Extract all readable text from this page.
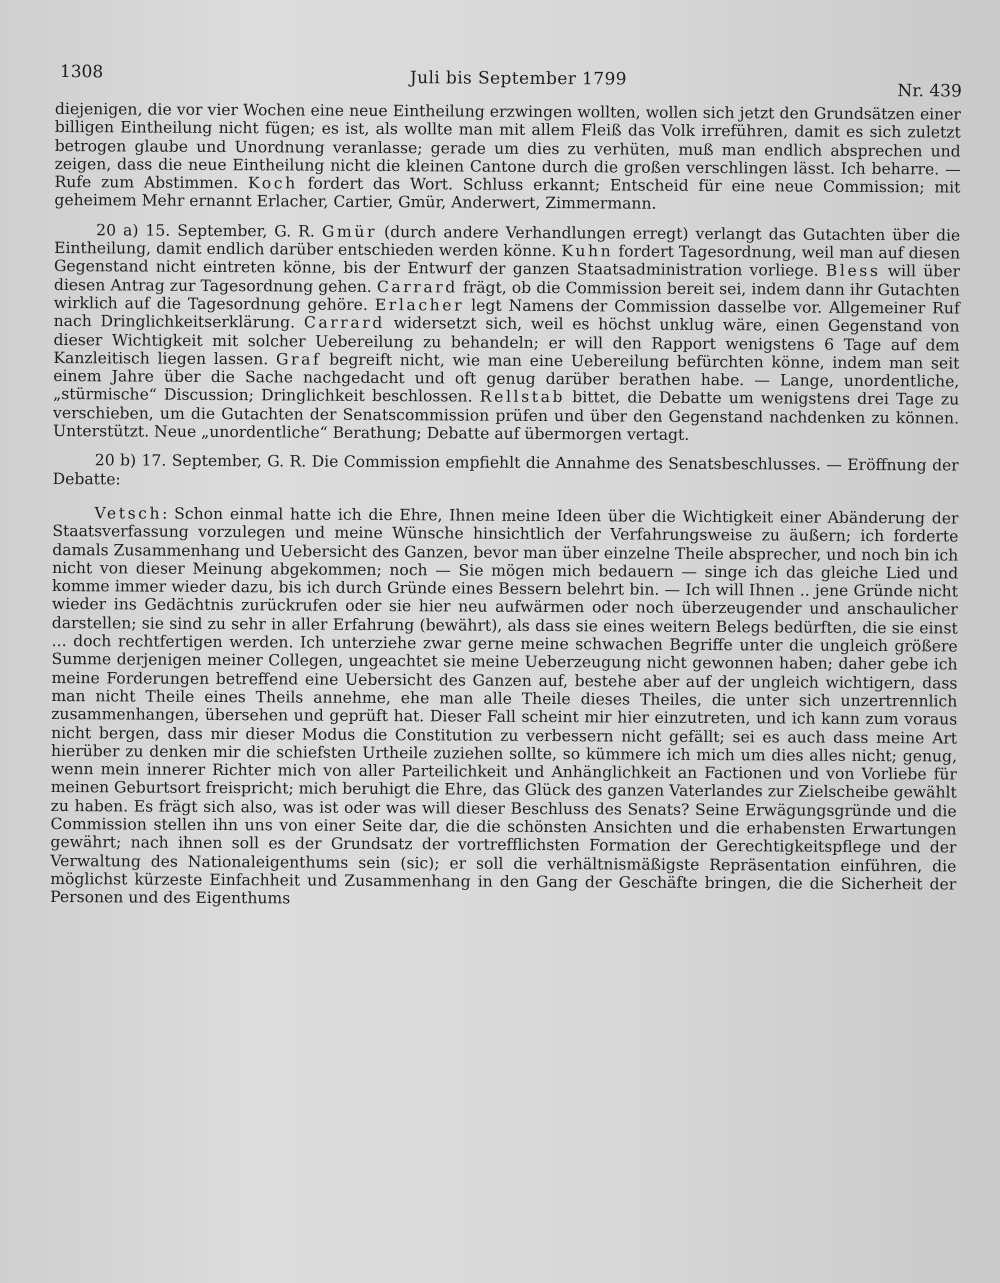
1308	Juli bis September 1799
Nr. 439

diejenigen, die vor vier Wochen eine neue Eintheilung erzwingen wollten, wollen sich jetzt den Grundsätzen einer billigen Eintheilung nicht fügen; es ist, als wollte man mit allem Fleiß das Volk irreführen, damit es sich zuletzt betrogen glaube und Unordnung veranlasse; gerade um dies zu verhüten, muß man endlich absprechen und zeigen, dass die neue Eintheilung nicht die kleinen Cantone durch die großen verschlingen lässt. Ich beharre. — Rufe zum Abstimmen. Koch fordert das Wort. Schluss erkannt; Entscheid für eine neue Commission; mit geheimem Mehr ernannt Erlacher, Cartier, Gmür, Anderwert, Zimmermann.

20 a) 15. September, G. R. Gmür (durch andere Verhandlungen erregt) verlangt das Gutachten über die Eintheilung, damit endlich darüber entschieden werden könne. Kuhn fordert Tagesordnung, weil man auf diesen Gegenstand nicht eintreten könne, bis der Entwurf der ganzen Staatsadministration vorliege. Bless will über diesen Antrag zur Tagesordnung gehen. Carrard frägt, ob die Commission bereit sei, indem dann ihr Gutachten wirklich auf die Tagesordnung gehöre. Erlacher legt Namens der Commission dasselbe vor. Allgemeiner Ruf nach Dringlichkeitserklärung. Carrard widersetzt sich, weil es höchst unklug wäre, einen Gegenstand von dieser Wichtigkeit mit solcher Uebereilung zu behandeln; er will den Rapport wenigstens 6 Tage auf dem Kanzleitisch liegen lassen. Graf begreift nicht, wie man eine Uebereilung befürchten könne, indem man seit einem Jahre über die Sache nachgedacht und oft genug darüber berathen habe. — Lange, unordentliche, „stürmische“ Discussion; Dringlichkeit beschlossen. Rellstab bittet, die Debatte um wenigstens drei Tage zu verschieben, um die Gutachten der Senatscommission prüfen und über den Gegenstand nachdenken zu können. Unterstützt. Neue „unordentliche“ Berathung; Debatte auf übermorgen vertagt.

20 b) 17. September, G. R. Die Commission empfiehlt die Annahme des Senatsbeschlusses. — Eröffnung der Debatte:

Vetsch: Schon einmal hatte ich die Ehre, Ihnen meine Ideen über die Wichtigkeit einer Abänderung der Staatsverfassung vorzulegen und meine Wünsche hinsichtlich der Verfahrungsweise zu äußern; ich forderte damals Zusammenhang und Uebersicht des Ganzen, bevor man über einzelne Theile absprecher, und noch bin ich nicht von dieser Meinung abgekommen; noch — Sie mögen mich bedauern — singe ich das gleiche Lied und komme immer wieder dazu, bis ich durch Gründe eines Bessern belehrt bin. — Ich will Ihnen .. jene Gründe nicht wieder ins Gedächtnis zurückrufen oder sie hier neu aufwärmen oder noch überzeugender und anschaulicher darstellen; sie sind zu sehr in aller Erfahrung (bewährt), als dass sie eines weitern Belegs bedürften, die sie einst ... doch rechtfertigen werden. Ich unterziehe zwar gerne meine schwachen Begriffe unter die ungleich größere Summe derjenigen meiner Collegen, ungeachtet sie meine Ueberzeugung nicht gewonnen haben; daher gebe ich meine Forderungen betreffend eine Uebersicht des Ganzen auf, bestehe aber auf der ungleich wichtigern, dass man nicht Theile eines Theils annehme, ehe man alle Theile dieses Theiles, die unter sich unzertrennlich zusammenhangen, übersehen und geprüft hat. Dieser Fall scheint mir hier einzutreten, und ich kann zum voraus nicht bergen, dass mir dieser Modus die Constitution zu verbessern nicht gefällt; sei es auch dass meine Art hierüber zu denken mir die schiefsten Urtheile zuziehen sollte, so kümmere ich mich um dies alles nicht; genug, wenn mein innerer Richter mich von aller Parteilichkeit und Anhänglichkeit an Factionen und von Vorliebe für meinen Geburtsort freispricht; mich beruhigt die Ehre, das Glück des ganzen Vaterlandes zur Zielscheibe gewählt zu haben. Es frägt sich also, was ist oder was will dieser Beschluss des Senats? Seine Erwägungsgründe und die Commission stellen ihn uns von einer Seite dar, die die schönsten Ansichten und die erhabensten Erwartungen gewährt; nach ihnen soll es der Grundsatz der vortrefflichsten Formation der Gerechtigkeitspflege und der Verwaltung des Nationaleigenthums sein (sic); er soll die verhältnismäßigste Repräsentation einführen, die möglichst kürzeste Einfachheit und Zusammenhang in den Gang der Geschäfte bringen, die die Sicherheit der Personen und des Eigenthums
